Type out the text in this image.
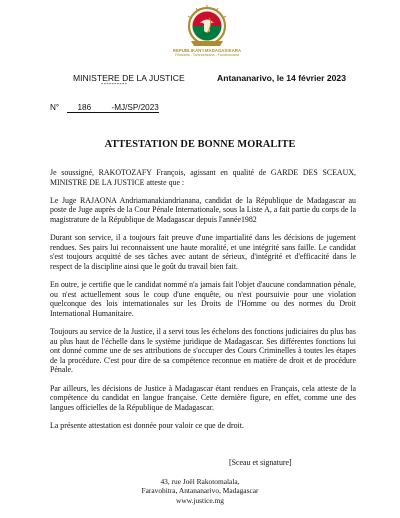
REPUBLIKAN'I MADAGASIKARA
Fitiavana - Tanindrazana - Fandrosoana
MINISTERE DE LA JUSTICE
----------
Antananarivo, le 14 février 2023
N° 186 -MJ/SP/2023
ATTESTATION DE BONNE MORALITE

Je soussigné, RAKOTOZAFY François, agissant en qualité de GARDE DES SCEAUX, MINISTRE DE LA JUSTICE atteste que :

Le Juge RAJAONA Andriamanakiandrianana, candidat de la République de Madagascar au poste de Juge auprès de la Cour Pénale Internationale, sous la Liste A, a fait partie du corps de la magistrature de la République de Madagascar depuis l'année1982

Durant son service, il a toujours fait preuve d'une impartialité dans les décisions de jugement rendues. Ses pairs lui reconnaissent une haute moralité, et une intégrité sans faille. Le candidat s'est toujours acquitté de ses tâches avec autant de sérieux, d'intégrité et d'efficacité dans le respect de la discipline ainsi que le goût du travail bien fait.

En outre, je certifie que le candidat nommé n'a jamais fait l'objet d'aucune condamnation pénale, ou n'est actuellement sous le coup d'une enquête, ou n'est poursuivie pour une violation quelconque des lois internationales sur les Droits de l'Homme ou des normes du Droit International Humanitaire.

Toujours au service de la Justice, il a servi tous les échelons des fonctions judiciaires du plus bas au plus haut de l'échelle dans le système juridique de Madagascar. Ses différentes fonctions lui ont donné comme une de ses attributions de s'occuper des Cours Criminelles à toutes les étapes de la procédure. C'est pour dire de sa compétence reconnue en matière de droit et de procédure Pénale.

Par ailleurs, les décisions de Justice à Madagascar étant rendues en Français, cela atteste de la compétence du candidat en langue française. Cette dernière figure, en effet, comme une des langues officielles de la République de Madagascar.

La présente attestation est donnée pour valoir ce que de droit.

[Sceau et signature]
43, rue Joël Rakotomalala,
Faravohitra, Antananarivo, Madagascar
www.justice.mg
